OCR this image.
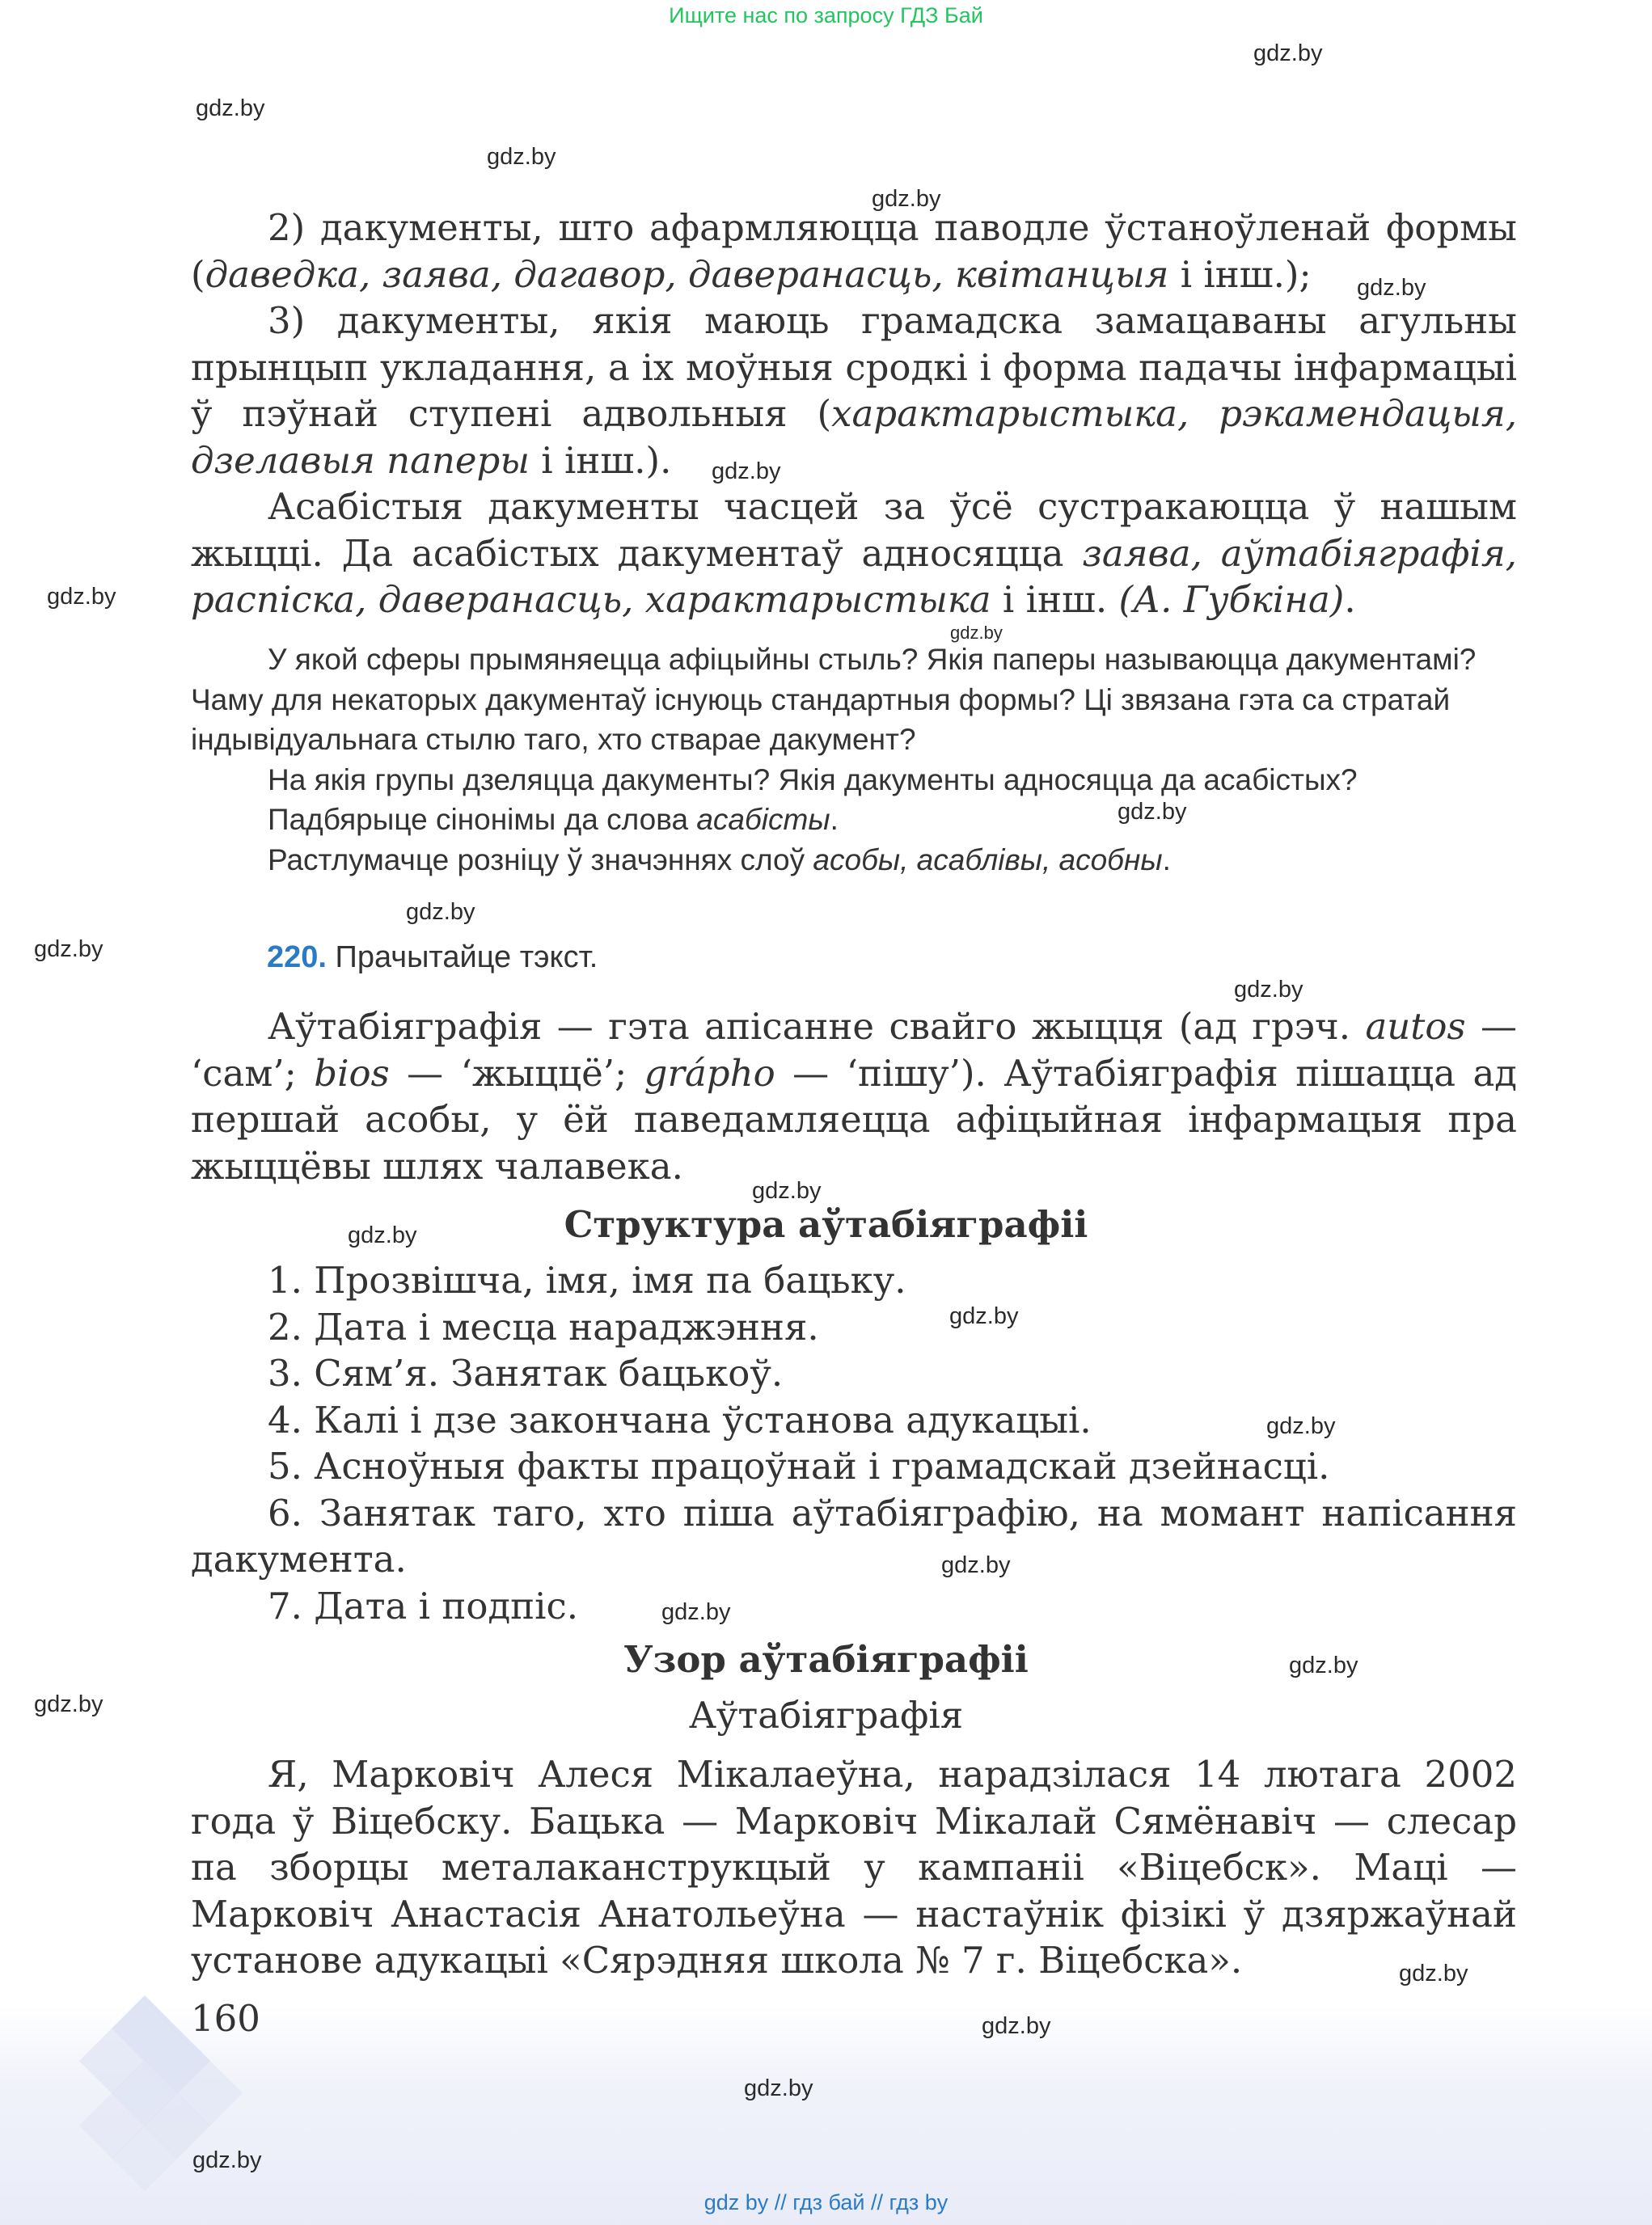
Ищите нас по запросу ГДЗ Бай
gdz.by
gdz.by
gdz.by
gdz.by
gdz.by
gdz.by
gdz.by
gdz.by
gdz.by
gdz.by
gdz.by
gdz.by
gdz.by
gdz.by
gdz.by
gdz.by
gdz.by
gdz.by
gdz.by
gdz.by
gdz.by
gdz.by
gdz.by
gdz.by

2) дакументы, што афармляюцца паводле ўстаноўленай формы (даведка, заява, дагавор, даверанасць, квітанцыя і інш.);

3) дакументы, якія маюць грамадска замацаваны агульны прынцып укладання, а іх моўныя сродкі і форма падачы інфармацыі ў пэўнай ступені адвольныя (характарыстыка, рэкамендацыя, дзелавыя паперы і інш.).

Асабістыя дакументы часцей за ўсё сустракаюцца ў нашым жыцці. Да асабістых дакументаў адносяцца заява, аўтабіяграфія, распіска, даверанасць, характарыстыка і інш. (А. Губкіна).

У якой сферы прымяняецца афіцыйны стыль? Якія паперы называюцца дакументамі? Чаму для некаторых дакументаў існуюць стандартныя формы? Ці звязана гэта са стратай індывідуальнага стылю таго, хто стварае дакумент?

На якія групы дзеляцца дакументы? Якія дакументы адносяцца да асабістых?

Падбярыце сінонімы да слова асабісты.

Растлумачце розніцу ў значэннях слоў асобы, асаблівы, асобны.

220. Прачытайце тэкст.

Аўтабіяграфія — гэта апісанне свайго жыцця (ад грэч. autos — ‘сам’; bios — ‘жыццё’; grápho — ‘пішу’). Аўтабіяграфія пішацца ад першай асобы, у ёй паведамляецца афіцыйная інфармацыя пра жыццёвы шлях чалавека.

Структура аўтабіяграфіі

1. Прозвішча, імя, імя па бацьку.

2. Дата і месца нараджэння.

3. Сям’я. Занятак бацькоў.

4. Калі і дзе закончана ўстанова адукацыі.

5. Асноўныя факты працоўнай і грамадскай дзейнасці.

6. Занятак таго, хто піша аўтабіяграфію, на момант напісання дакумента.

7. Дата і подпіс.

Узор аўтабіяграфіі
Аўтабіяграфія

Я, Марковіч Алеся Мікалаеўна, нарадзілася 14 лютага 2002 года ў Віцебску. Бацька — Марковіч Мікалай Сямёнавіч — слесар па зборцы металаканструкцый у кампаніі «Віцебск». Маці — Марковіч Анастасія Анатольеўна — настаўнік фізікі ў дзяржаўнай установе адукацыі «Сярэдняя школа № 7 г. Віцебска».

160
gdz by // гдз бай // гдз by
